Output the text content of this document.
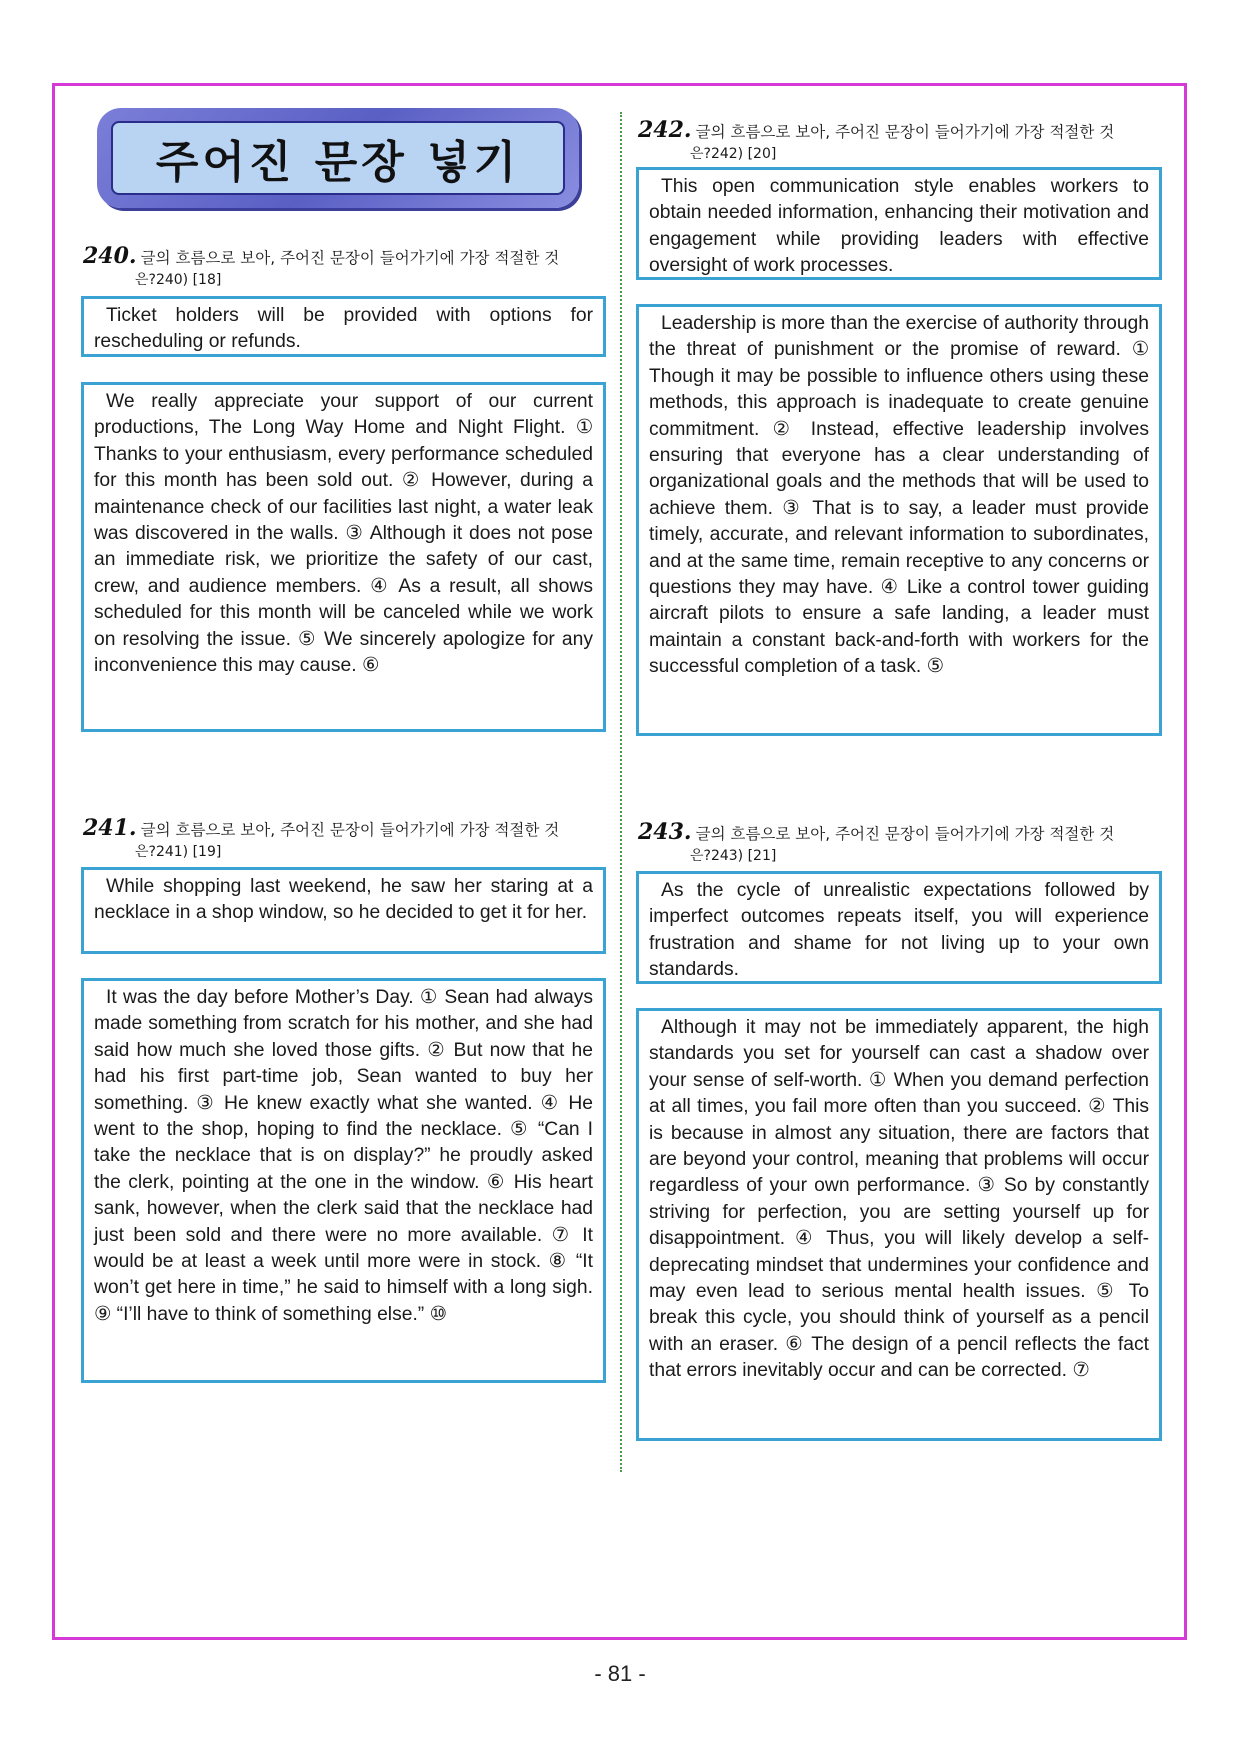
주어진 문장 넣기
240. 글의 흐름으로 보아, 주어진 문장이 들어가기에 가장 적절한 것
은?240) [18]
Ticket holders will be provided with options for rescheduling or refunds.
We really appreciate your support of our current productions, The Long Way Home and Night Flight. ① Thanks to your enthusiasm, every performance scheduled for this month has been sold out. ② However, during a maintenance check of our facilities last night, a water leak was discovered in the walls. ③ Although it does not pose an immediate risk, we prioritize the safety of our cast, crew, and audience members. ④ As a result, all shows scheduled for this month will be canceled while we work on resolving the issue. ⑤ We sincerely apologize for any inconvenience this may cause. ⑥
241. 글의 흐름으로 보아, 주어진 문장이 들어가기에 가장 적절한 것
은?241) [19]
While shopping last weekend, he saw her staring at a necklace in a shop window, so he decided to get it for her.
It was the day before Mother’s Day. ① Sean had always made something from scratch for his mother, and she had said how much she loved those gifts. ② But now that he had his first part-time job, Sean wanted to buy her something. ③ He knew exactly what she wanted. ④ He went to the shop, hoping to find the necklace. ⑤ “Can I take the necklace that is on display?” he proudly asked the clerk, pointing at the one in the window. ⑥ His heart sank, however, when the clerk said that the necklace had just been sold and there were no more available. ⑦ It would be at least a week until more were in stock. ⑧ “It won’t get here in time,” he said to himself with a long sigh. ⑨ “I’ll have to think of something else.” ⑩
242. 글의 흐름으로 보아, 주어진 문장이 들어가기에 가장 적절한 것
은?242) [20]
This open communication style enables workers to obtain needed information, enhancing their motivation and engagement while providing leaders with effective oversight of work processes.
Leadership is more than the exercise of authority through the threat of punishment or the promise of reward. ① Though it may be possible to influence others using these methods, this approach is inadequate to create genuine commitment. ② Instead, effective leadership involves ensuring that everyone has a clear understanding of organizational goals and the methods that will be used to achieve them. ③ That is to say, a leader must provide timely, accurate, and relevant information to subordinates, and at the same time, remain receptive to any concerns or questions they may have. ④ Like a control tower guiding aircraft pilots to ensure a safe landing, a leader must maintain a constant back-and-forth with workers for the successful completion of a task. ⑤
243. 글의 흐름으로 보아, 주어진 문장이 들어가기에 가장 적절한 것
은?243) [21]
As the cycle of unrealistic expectations followed by imperfect outcomes repeats itself, you will experience frustration and shame for not living up to your own standards.
Although it may not be immediately apparent, the high standards you set for yourself can cast a shadow over your sense of self-worth. ① When you demand perfection at all times, you fail more often than you succeed. ② This is because in almost any situation, there are factors that are beyond your control, meaning that problems will occur regardless of your own performance. ③ So by constantly striving for perfection, you are setting yourself up for disappointment. ④ Thus, you will likely develop a self-deprecating mindset that undermines your confidence and may even lead to serious mental health issues. ⑤ To break this cycle, you should think of yourself as a pencil with an eraser. ⑥ The design of a pencil reflects the fact that errors inevitably occur and can be corrected. ⑦
- 81 -
